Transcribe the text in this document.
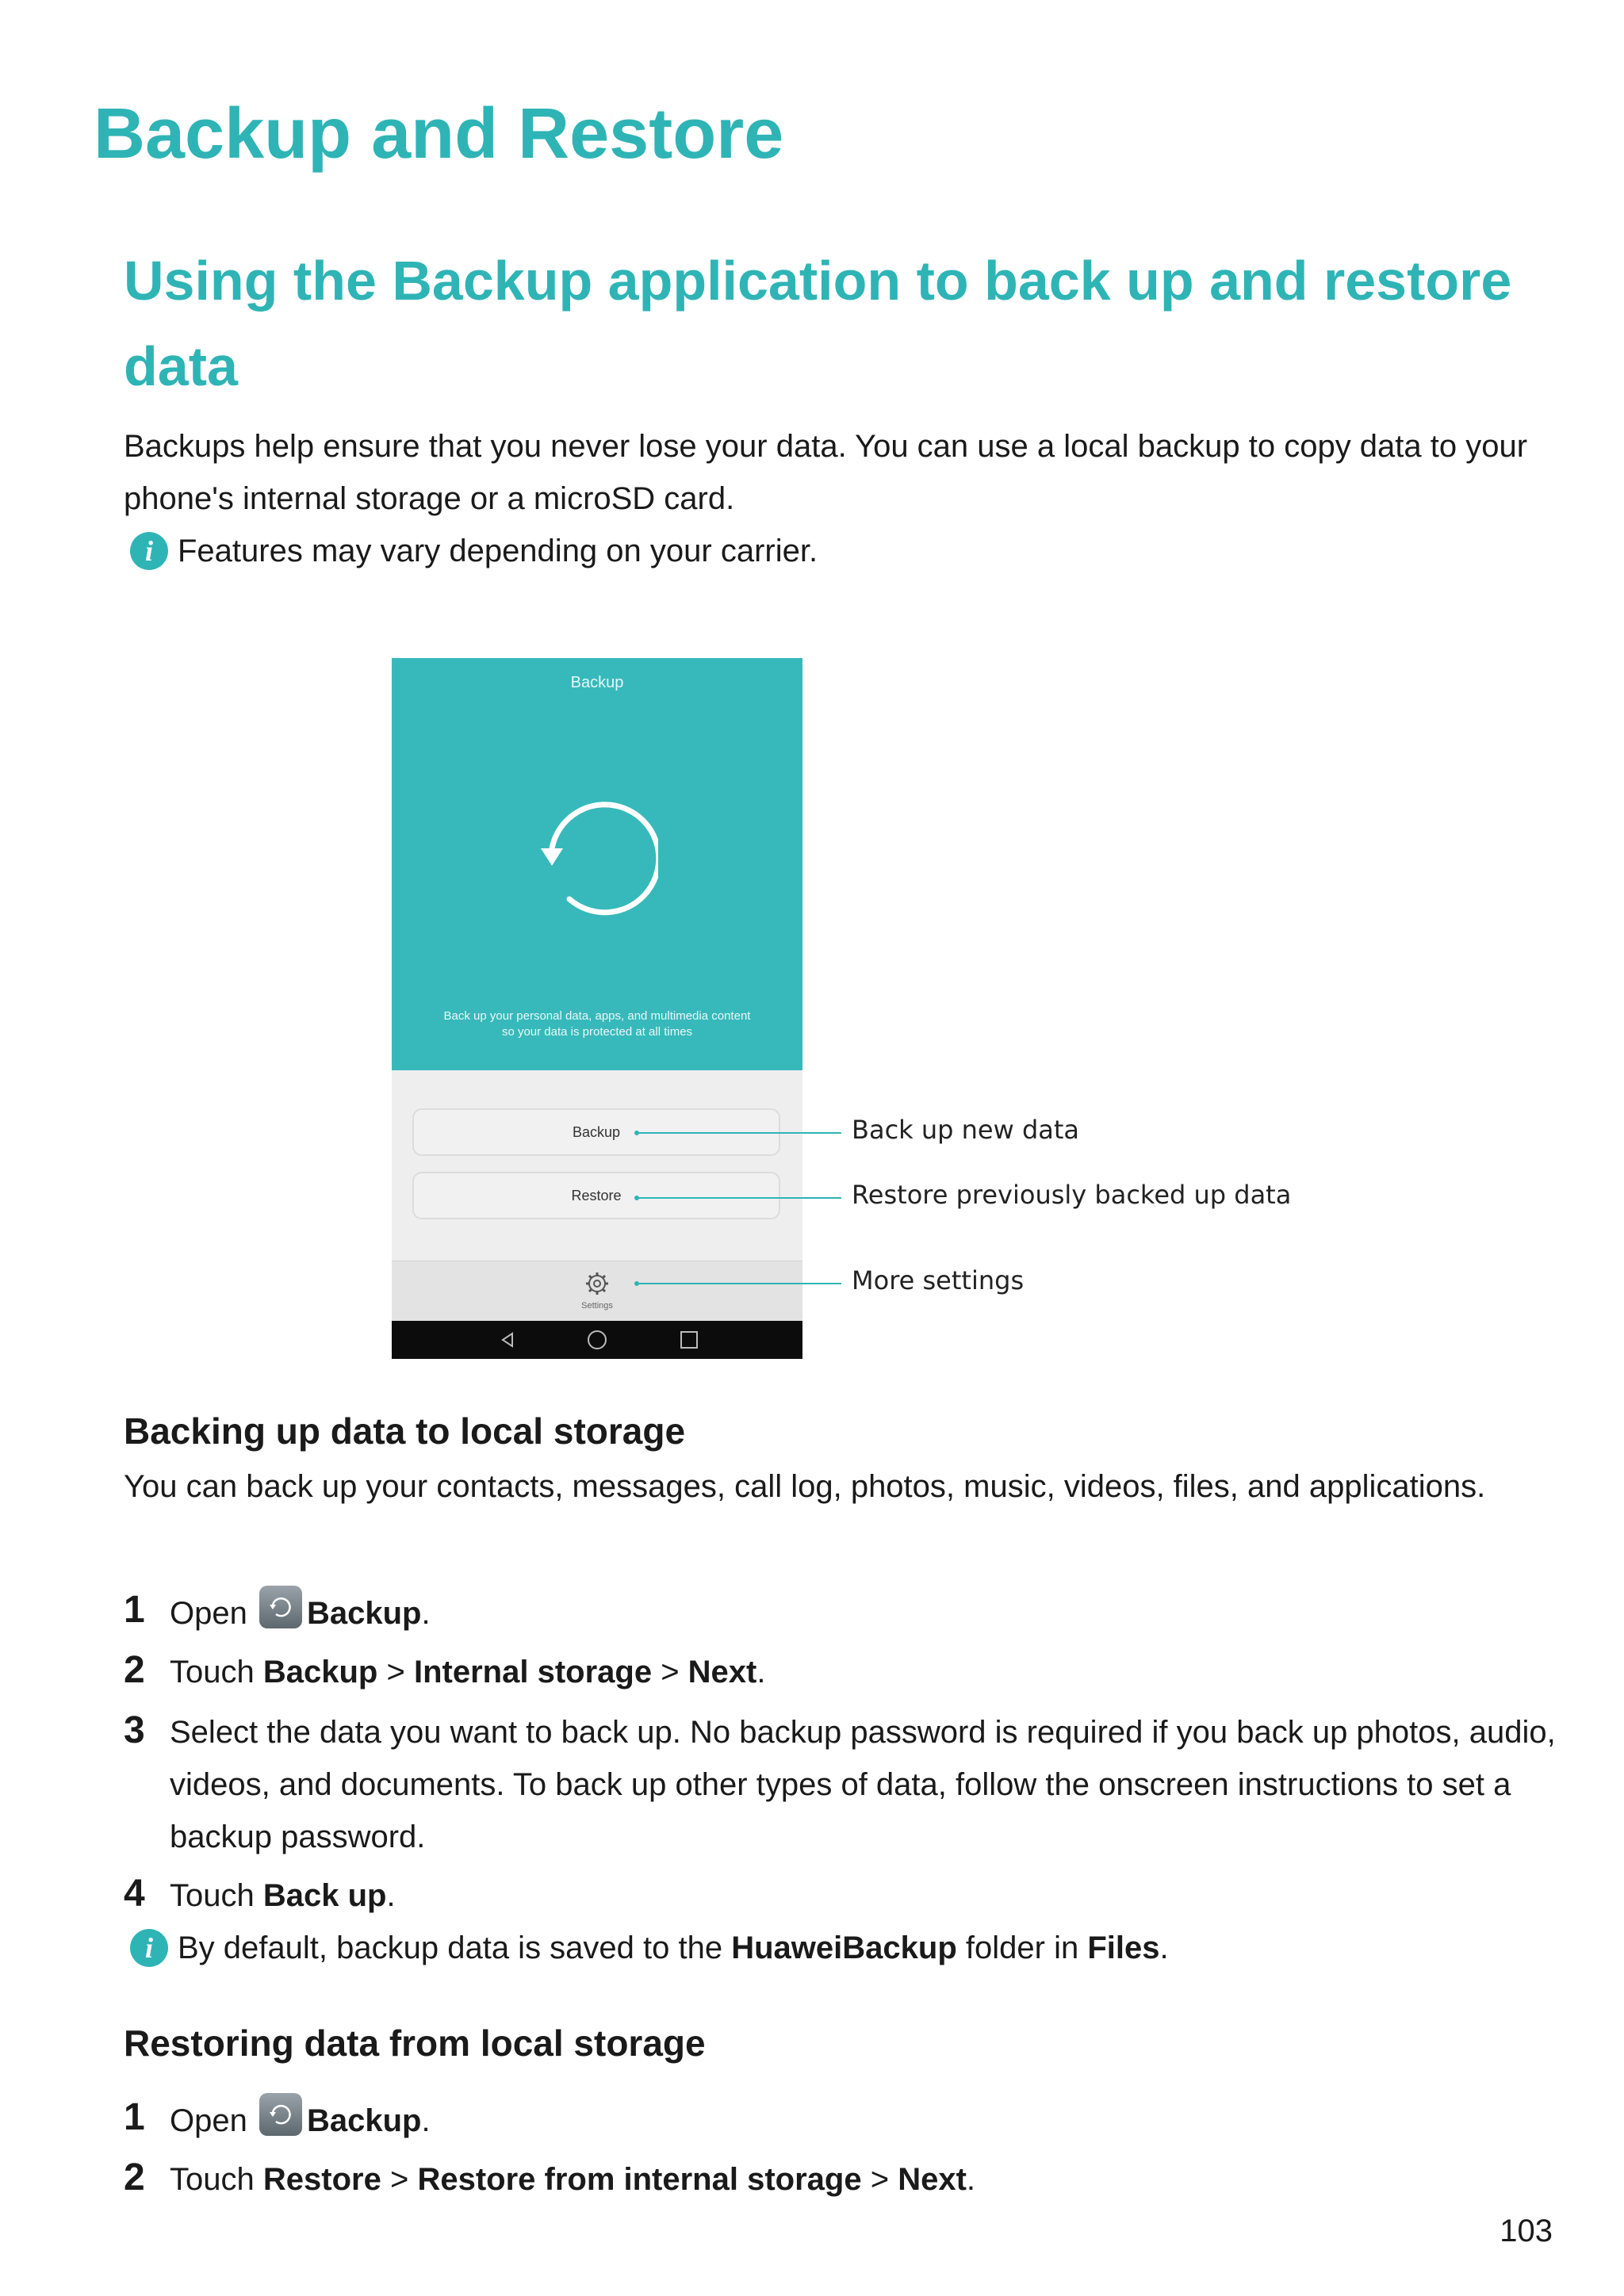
Backup and Restore
Using the Backup application to back up and restore data
Backups help ensure that you never lose your data. You can use a local backup to copy data to your phone's internal storage or a microSD card.
i Features may vary depending on your carrier.
Backup
Back up your personal data, apps, and multimedia content
so your data is protected at all times
Backup
Restore
Settings
Back up new data
Restore previously backed up data
More settings
Backing up data to local storage
You can back up your contacts, messages, call log, photos, music, videos, files, and applications.
1 Open Backup.
2 Touch Backup > Internal storage > Next.
3 Select the data you want to back up. No backup password is required if you back up photos, audio, videos, and documents. To back up other types of data, follow the onscreen instructions to set a backup password.
4 Touch Back up.
i By default, backup data is saved to the HuaweiBackup folder in Files.
Restoring data from local storage
1 Open Backup.
2 Touch Restore > Restore from internal storage > Next.
103
